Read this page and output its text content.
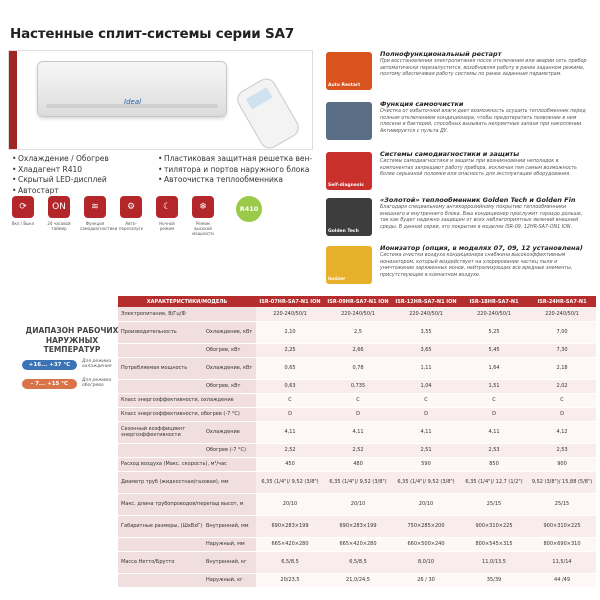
Настенные сплит-системы серии SA7
Ideal
• Охлаждение / Обогрев
• Хладагент R410
• Скрытый LED-дисплей
• Автостарт
• Пластиковая защитная решетка вен-
• тилятора и портов наружного блока
• Автоочистка теплообменника
⟳
Вкл / Выкл
ON
24 часовой таймер
≋
Функция самодиагностики
⚙
Авто-перезапуск
☾
Ночной режим
❄
Режим высокой мощности
R410
Auto Restart
Полнофункциональный рестарт
При восстановлении электропитания после отключения или аварии сеть прибор автоматически перезапустится, возобновляя работу в ранее заданном режиме, поэтому обеспечивая работу системы по ранее заданным параметрам.
Функция самоочистки
Очистка от избыточной влаги дает возможность осушить теплообменник перед полным отключением кондиционера, чтобы предотвратить появление в нем плесени и бактерий, способных вызывать неприятные запахи при накоплении. Активируется с пульта ДУ.
Self-diagnosis
Системы самодиагностики и защиты
Системы самодиагностики и защиты при возникновении неполадок в компонентах запрещают работу прибора, исключая тем самым возможность более серьезной поломки или опасность для эксплуатации оборудования.
Golden Tech
«Золотой» теплообменник Golden Tech и Golden Fin
Благодаря специальному антикоррозийному покрытию теплообменники внешнего и внутреннего блока. Ваш кондиционер прослужит гораздо дольше, так как будет надежно защищен от всех неблагоприятных явлений внешней среды. В данной серии, это покрытие в моделях ISR-09, 12HR-SA7-ON1 ION.
Ionizer
Ионизатор (опция, в моделях 07, 09, 12 установлена)
Система очистки воздуха кондиционера снабжена высокоэффективным ионизатором, который воздействует на хлорирование частиц пыли и уничтожение заряженных ионов, нейтрализующих все вредные элементы, присутствующие в комнатном воздухе.
ДИАПАЗОН РАБОЧИХ НАРУЖНЫХ ТЕМПЕРАТУР
+16... +37 °С
Для режима охлаждения
- 7... +15 °С
Для режима обогрева
ХАРАКТЕРИСТИКИ/МОДЕЛЬ		ISR-07HR-SA7-N1 ION	ISR-09HR-SA7-N1 ION	ISR-12HR-SA7-N1 ION	ISR-18HR-SA7-N1	ISR-24HR-SA7-N1
Электропитание, В/Гц/Ф		220-240/50/1	220-240/50/1	220-240/50/1	220-240/50/1	220-240/50/1
Производительность	Охлаждение, кВт	2,10	2,5	3,55	5,25	7,00
	Обогрев, кВт	2,25	2,66	3,65	5,45	7,30
Потребляемая мощность	Охлаждение, кВт	0,65	0,78	1,11	1,64	2,18
	Обогрев, кВт	0,63	0,735	1,04	1,51	2,02
Класс энергоэффективности, охлаждение		C	C	C	C	C
Класс энергоэффективности, обогрев (-7 °С)		D	D	D	D	D
Сезонный коэффициент энергоэффективности	Охлаждение	4,11	4,11	4,11	4,11	4,12
	Обогрев (-7 °С)	2,52	2,52	2,51	2,53	2,53
Расход воздуха (Макс. скорость), м³/час		450	480	590	850	900
Диаметр труб (жидкостная/газовая), мм		6,35 (1/4")/ 9,52 (3/8")	6,35 (1/4")/ 9,52 (3/8")	6,35 (1/4")/ 9,52 (3/8")	6,35 (1/4")/ 12,7 (1/2")	9,52 (3/8")/ 15,88 (5/8")
Макс. длина трубопроводов/перепад высот, м		20/10	20/10	20/10	25/15	25/15
Габаритные размеры, (ШхВхГ)	Внутренний, мм	690×283×199	690×283×199	750×285×200	900×310×225	900×310×225
	Наружный, мм	665×420×280	665×420×280	660×500×240	800×545×315	800×690×310
Масса Нетто/Брутто	Внутренний, кг	6,5/8,5	6,5/8,5	8,0/10	11,0/13,5	11,5/14
	Наружный, кг	20/23,5	21,0/24,5	26 / 30	35/39	44 /49
